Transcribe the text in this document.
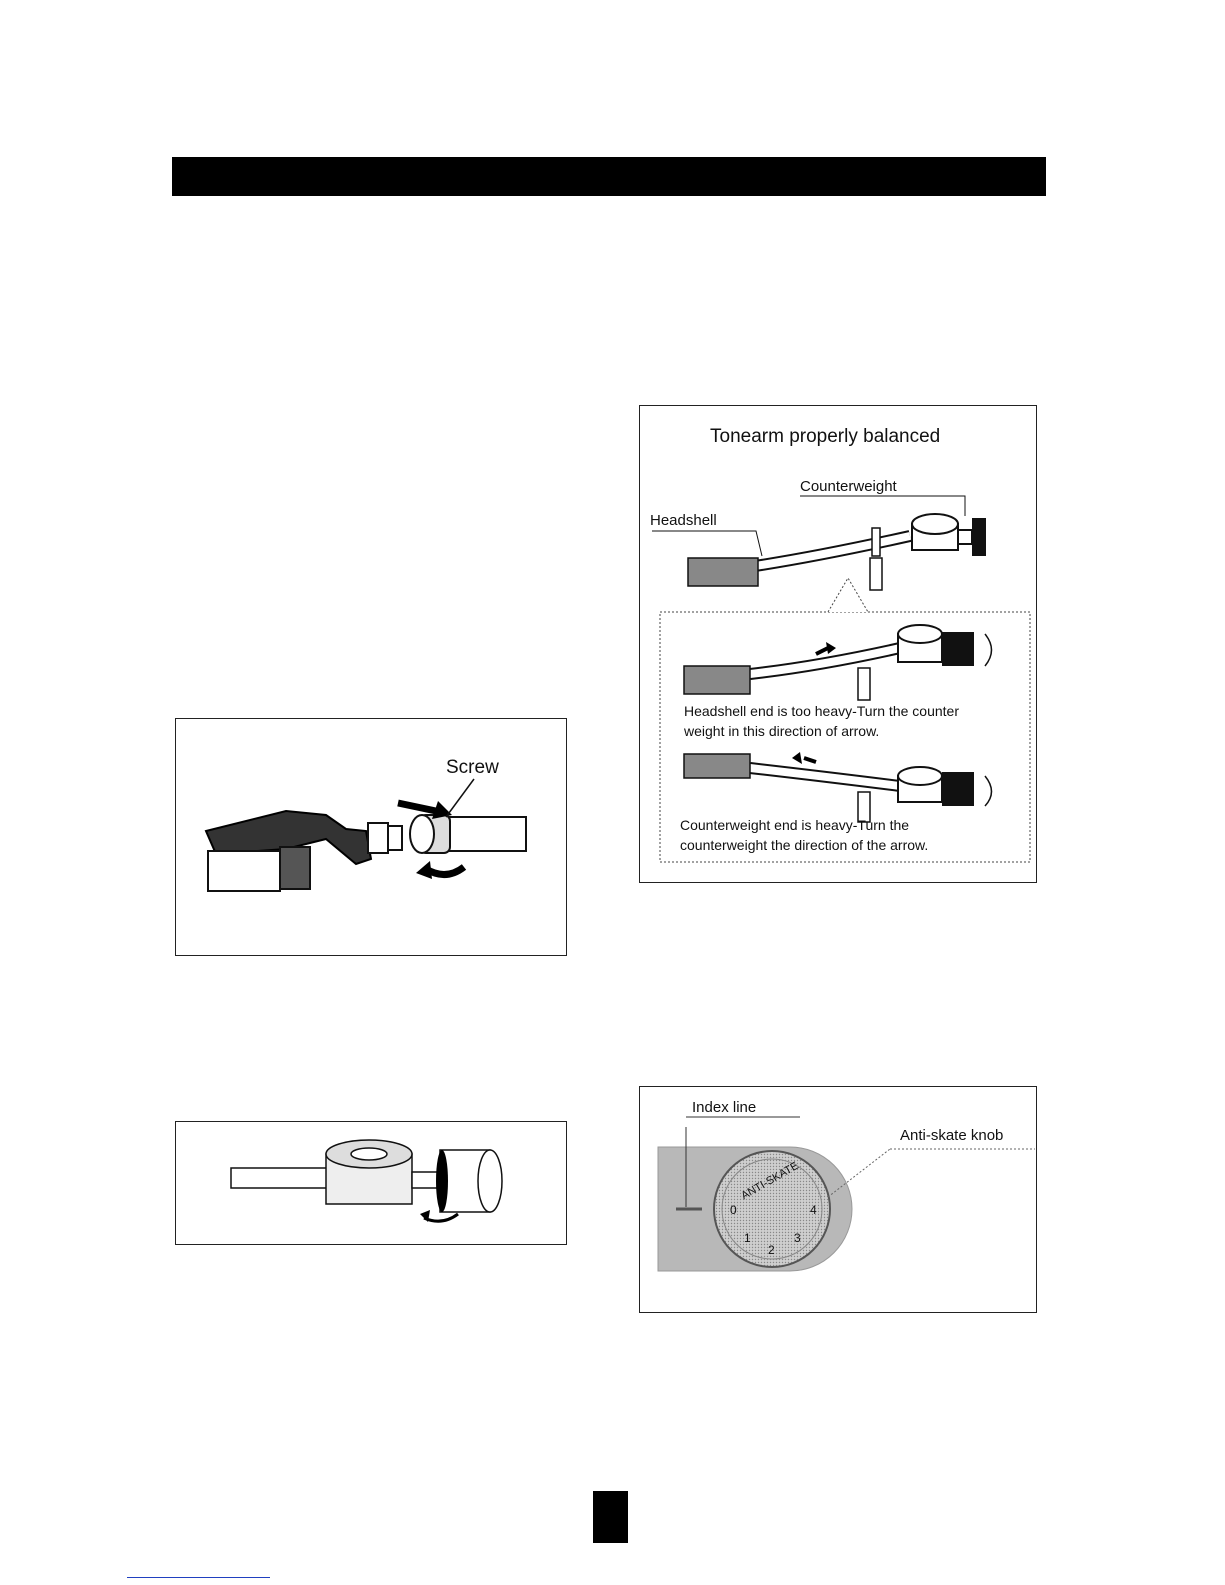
Screw
Tonearm properly balanced
Counterweight
Headshell
Headshell end is too heavy-Turn the counter
weight in this direction of arrow.
Counterweight end is heavy-Turn the
counterweight the direction of the arrow.
Index line
Anti-skate knob
ANTI-SKATE
0
1
2
3
4
